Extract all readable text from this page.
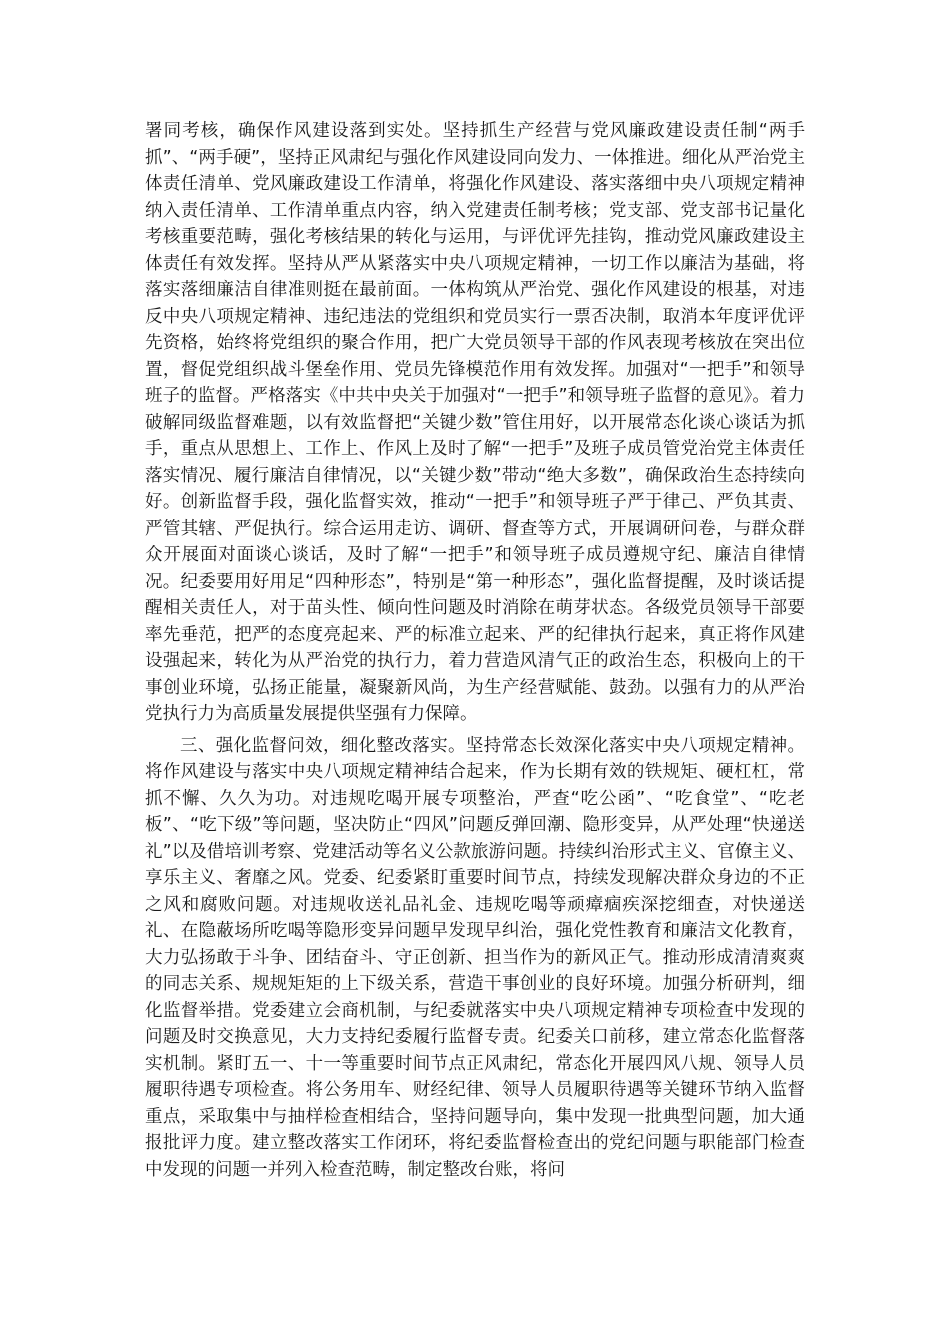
署同考核，确保作风建设落到实处。坚持抓生产经营与党风廉政建设责任制“两手抓”、“两手硬”，坚持正风肃纪与强化作风建设同向发力、一体推进。细化从严治党主体责任清单、党风廉政建设工作清单，将强化作风建设、落实落细中央八项规定精神纳入责任清单、工作清单重点内容，纳入党建责任制考核；党支部、党支部书记量化考核重要范畴，强化考核结果的转化与运用，与评优评先挂钩，推动党风廉政建设主体责任有效发挥。坚持从严从紧落实中央八项规定精神，一切工作以廉洁为基础，将落实落细廉洁自律准则挺在最前面。一体构筑从严治党、强化作风建设的根基，对违反中央八项规定精神、违纪违法的党组织和党员实行一票否决制，取消本年度评优评先资格，始终将党组织的聚合作用，把广大党员领导干部的作风表现考核放在突出位置，督促党组织战斗堡垒作用、党员先锋模范作用有效发挥。加强对“一把手”和领导班子的监督。严格落实《中共中央关于加强对“一把手”和领导班子监督的意见》。着力破解同级监督难题，以有效监督把“关键少数”管住用好，以开展常态化谈心谈话为抓手，重点从思想上、工作上、作风上及时了解“一把手”及班子成员管党治党主体责任落实情况、履行廉洁自律情况，以“关键少数”带动“绝大多数”，确保政治生态持续向好。创新监督手段，强化监督实效，推动“一把手”和领导班子严于律己、严负其责、严管其辖、严促执行。综合运用走访、调研、督查等方式，开展调研问卷，与群众群众开展面对面谈心谈话，及时了解“一把手”和领导班子成员遵规守纪、廉洁自律情况。纪委要用好用足“四种形态”，特别是“第一种形态”，强化监督提醒，及时谈话提醒相关责任人，对于苗头性、倾向性问题及时消除在萌芽状态。各级党员领导干部要率先垂范，把严的态度亮起来、严的标准立起来、严的纪律执行起来，真正将作风建设强起来，转化为从严治党的执行力，着力营造风清气正的政治生态，积极向上的干事创业环境，弘扬正能量，凝聚新风尚，为生产经营赋能、鼓劲。以强有力的从严治党执行力为高质量发展提供坚强有力保障。

三、强化监督问效，细化整改落实。坚持常态长效深化落实中央八项规定精神。将作风建设与落实中央八项规定精神结合起来，作为长期有效的铁规矩、硬杠杠，常抓不懈、久久为功。对违规吃喝开展专项整治，严查“吃公函”、“吃食堂”、“吃老板”、“吃下级”等问题，坚决防止“四风”问题反弹回潮、隐形变异，从严处理“快递送礼”以及借培训考察、党建活动等名义公款旅游问题。持续纠治形式主义、官僚主义、享乐主义、奢靡之风。党委、纪委紧盯重要时间节点，持续发现解决群众身边的不正之风和腐败问题。对违规收送礼品礼金、违规吃喝等顽瘴痼疾深挖细查，对快递送礼、在隐蔽场所吃喝等隐形变异问题早发现早纠治，强化党性教育和廉洁文化教育，大力弘扬敢于斗争、团结奋斗、守正创新、担当作为的新风正气。推动形成清清爽爽的同志关系、规规矩矩的上下级关系，营造干事创业的良好环境。加强分析研判，细化监督举措。党委建立会商机制，与纪委就落实中央八项规定精神专项检查中发现的问题及时交换意见，大力支持纪委履行监督专责。纪委关口前移，建立常态化监督落实机制。紧盯五一、十一等重要时间节点正风肃纪，常态化开展四风八规、领导人员履职待遇专项检查。将公务用车、财经纪律、领导人员履职待遇等关键环节纳入监督重点，采取集中与抽样检查相结合，坚持问题导向，集中发现一批典型问题，加大通报批评力度。建立整改落实工作闭环，将纪委监督检查出的党纪问题与职能部门检查中发现的问题一并列入检查范畴，制定整改台账，将问
